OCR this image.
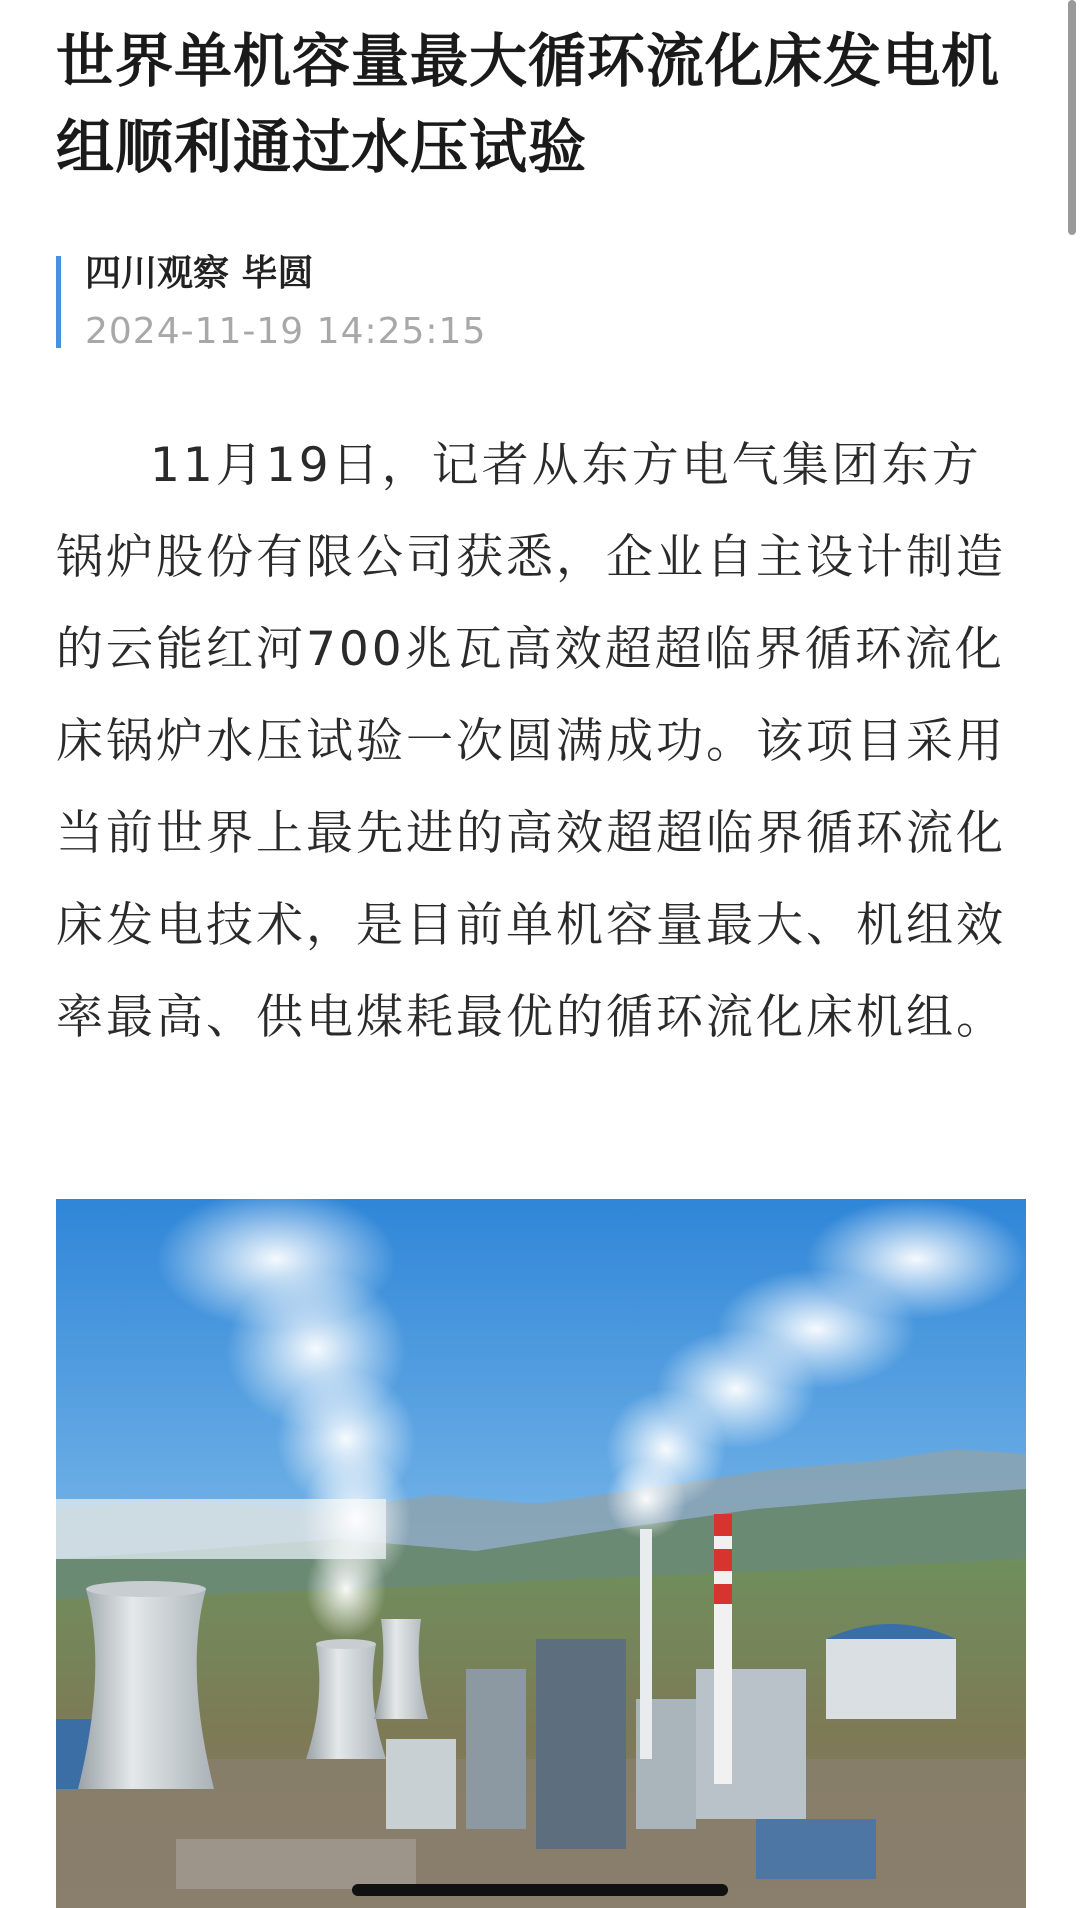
世界单机容量最大循环流化床发电机组顺利通过水压试验
四川观察 毕圆
2024-11-19 14:25:15

11月19日，记者从东方电气集团东方锅炉股份有限公司获悉，企业自主设计制造的云能红河700兆瓦高效超超临界循环流化床锅炉水压试验一次圆满成功。该项目采用当前世界上最先进的高效超超临界循环流化床发电技术，是目前单机容量最大、机组效率最高、供电煤耗最优的循环流化床机组。
